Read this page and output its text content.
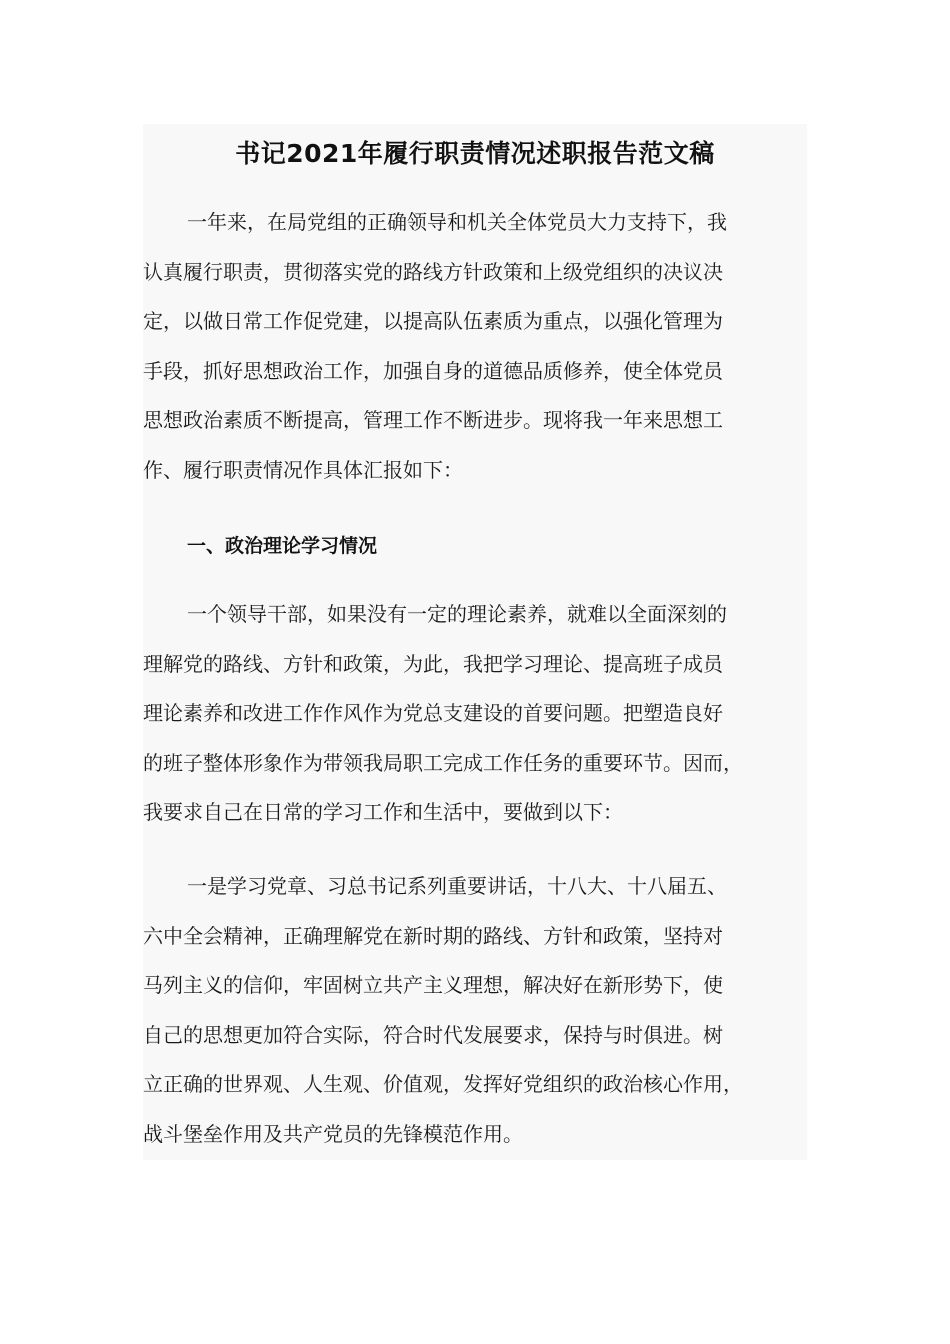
书记2021年履行职责情况述职报告范文稿
一年来，在局党组的正确领导和机关全体党员大力支持下，我
认真履行职责，贯彻落实党的路线方针政策和上级党组织的决议决
定，以做日常工作促党建，以提高队伍素质为重点，以强化管理为
手段，抓好思想政治工作，加强自身的道德品质修养，使全体党员
思想政治素质不断提高，管理工作不断进步。现将我一年来思想工
作、履行职责情况作具体汇报如下：
一、政治理论学习情况
一个领导干部，如果没有一定的理论素养，就难以全面深刻的
理解党的路线、方针和政策，为此，我把学习理论、提高班子成员
理论素养和改进工作作风作为党总支建设的首要问题。把塑造良好
的班子整体形象作为带领我局职工完成工作任务的重要环节。因而，
我要求自己在日常的学习工作和生活中，要做到以下：
一是学习党章、习总书记系列重要讲话，十八大、十八届五、
六中全会精神，正确理解党在新时期的路线、方针和政策，坚持对
马列主义的信仰，牢固树立共产主义理想，解决好在新形势下，使
自己的思想更加符合实际，符合时代发展要求，保持与时俱进。树
立正确的世界观、人生观、价值观，发挥好党组织的政治核心作用，
战斗堡垒作用及共产党员的先锋模范作用。
